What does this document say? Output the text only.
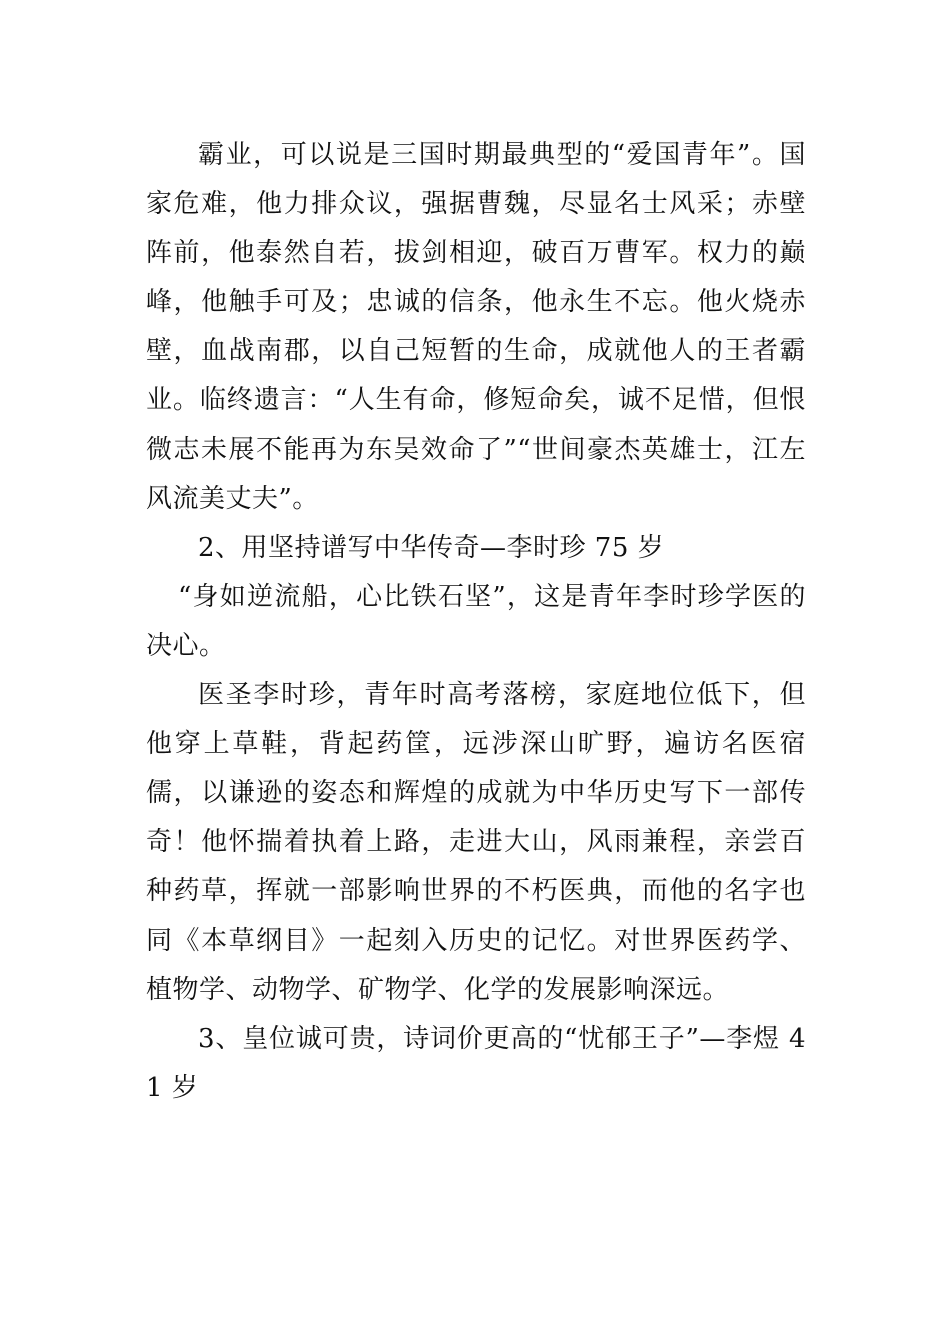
霸业，可以说是三国时期最典型的“爱国青年”。国家危难，他力排众议，强据曹魏，尽显名士风采；赤壁阵前，他泰然自若，拔剑相迎，破百万曹军。权力的巅峰，他触手可及；忠诚的信条，他永生不忘。他火烧赤壁，血战南郡，以自己短暂的生命，成就他人的王者霸业。临终遗言：“人生有命，修短命矣，诚不足惜，但恨微志未展不能再为东吴效命了”“世间豪杰英雄士，江左风流美丈夫”。

2、用坚持谱写中华传奇—李时珍 75 岁

“身如逆流船，心比铁石坚”，这是青年李时珍学医的决心。

医圣李时珍，青年时高考落榜，家庭地位低下，但他穿上草鞋，背起药筐，远涉深山旷野，遍访名医宿儒，以谦逊的姿态和辉煌的成就为中华历史写下一部传奇！他怀揣着执着上路，走进大山，风雨兼程，亲尝百种药草，挥就一部影响世界的不朽医典，而他的名字也同《本草纲目》一起刻入历史的记忆。对世界医药学、植物学、动物学、矿物学、化学的发展影响深远。

3、皇位诚可贵，诗词价更高的“忧郁王子”—李煜 41 岁
